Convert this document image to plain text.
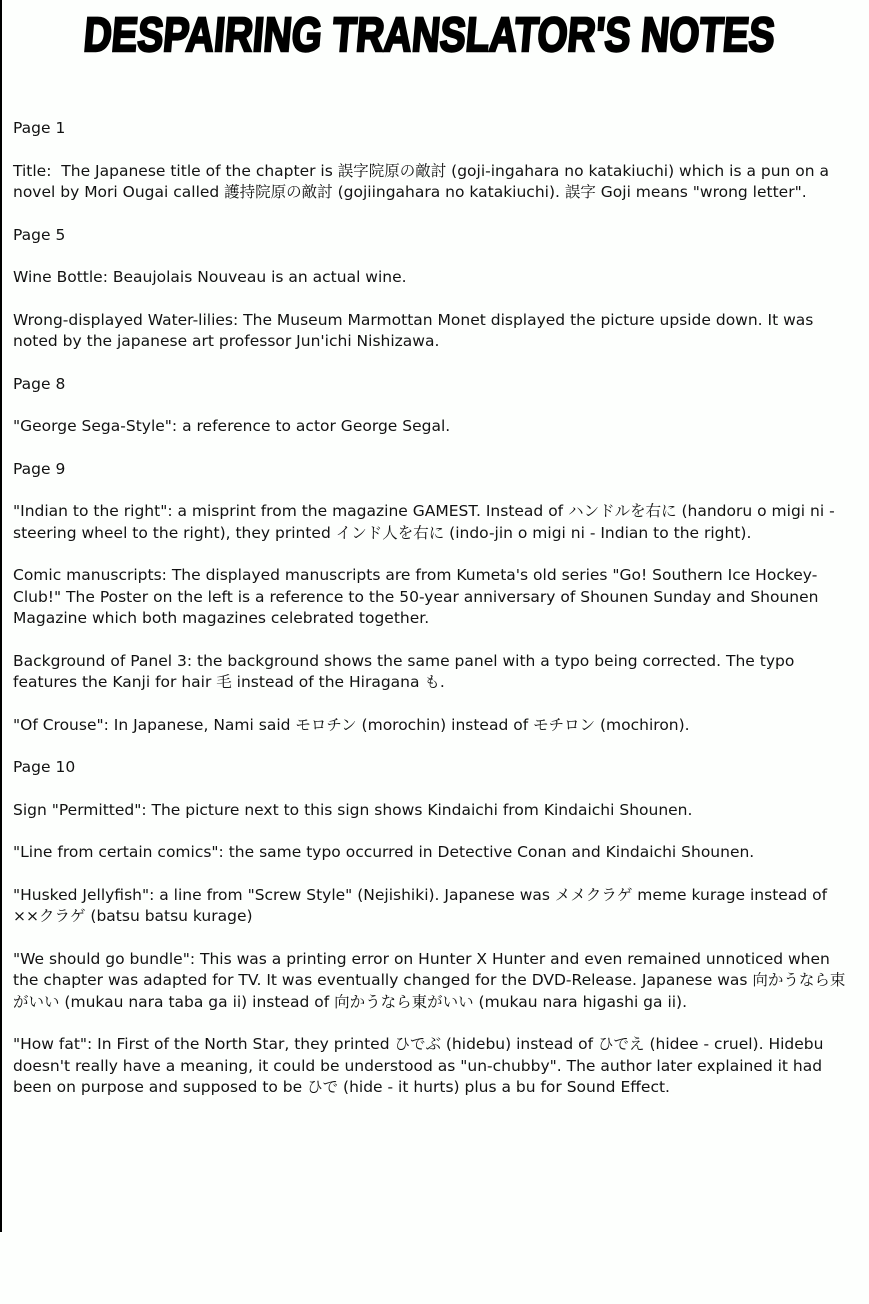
DESPAIRING TRANSLATOR'S NOTES

Page 1

Title:  The Japanese title of the chapter is 誤字院原の敵討 (goji-ingahara no katakiuchi) which is a pun on a novel by Mori Ougai called 護持院原の敵討 (gojiingahara no katakiuchi). 誤字 Goji means "wrong letter".

Page 5

Wine Bottle: Beaujolais Nouveau is an actual wine.

Wrong-displayed Water-lilies: The Museum Marmottan Monet displayed the picture upside down. It was noted by the japanese art professor Jun'ichi Nishizawa.

Page 8

"George Sega-Style": a reference to actor George Segal.

Page 9

"Indian to the right": a misprint from the magazine GAMEST. Instead of ハンドルを右に (handoru o migi ni - steering wheel to the right), they printed インド人を右に (indo-jin o migi ni - Indian to the right).

Comic manuscripts: The displayed manuscripts are from Kumeta's old series "Go! Southern Ice Hockey-Club!" The Poster on the left is a reference to the 50-year anniversary of Shounen Sunday and Shounen Magazine which both magazines celebrated together.

Background of Panel 3: the background shows the same panel with a typo being corrected. The typo features the Kanji for hair 毛 instead of the Hiragana も.

"Of Crouse": In Japanese, Nami said モロチン (morochin) instead of モチロン (mochiron).

Page 10

Sign "Permitted": The picture next to this sign shows Kindaichi from Kindaichi Shounen.

"Line from certain comics": the same typo occurred in Detective Conan and Kindaichi Shounen.

"Husked Jellyfish": a line from "Screw Style" (Nejishiki). Japanese was メメクラゲ meme kurage instead of ××クラゲ (batsu batsu kurage)

"We should go bundle": This was a printing error on Hunter X Hunter and even remained unnoticed when the chapter was adapted for TV. It was eventually changed for the DVD-Release. Japanese was 向かうなら束がいい (mukau nara taba ga ii) instead of 向かうなら東がいい (mukau nara higashi ga ii).

"How fat": In First of the North Star, they printed ひでぶ (hidebu) instead of ひでえ (hidee - cruel). Hidebu doesn't really have a meaning, it could be understood as "un-chubby". The author later explained it had been on purpose and supposed to be ひで (hide - it hurts) plus a bu for Sound Effect.
